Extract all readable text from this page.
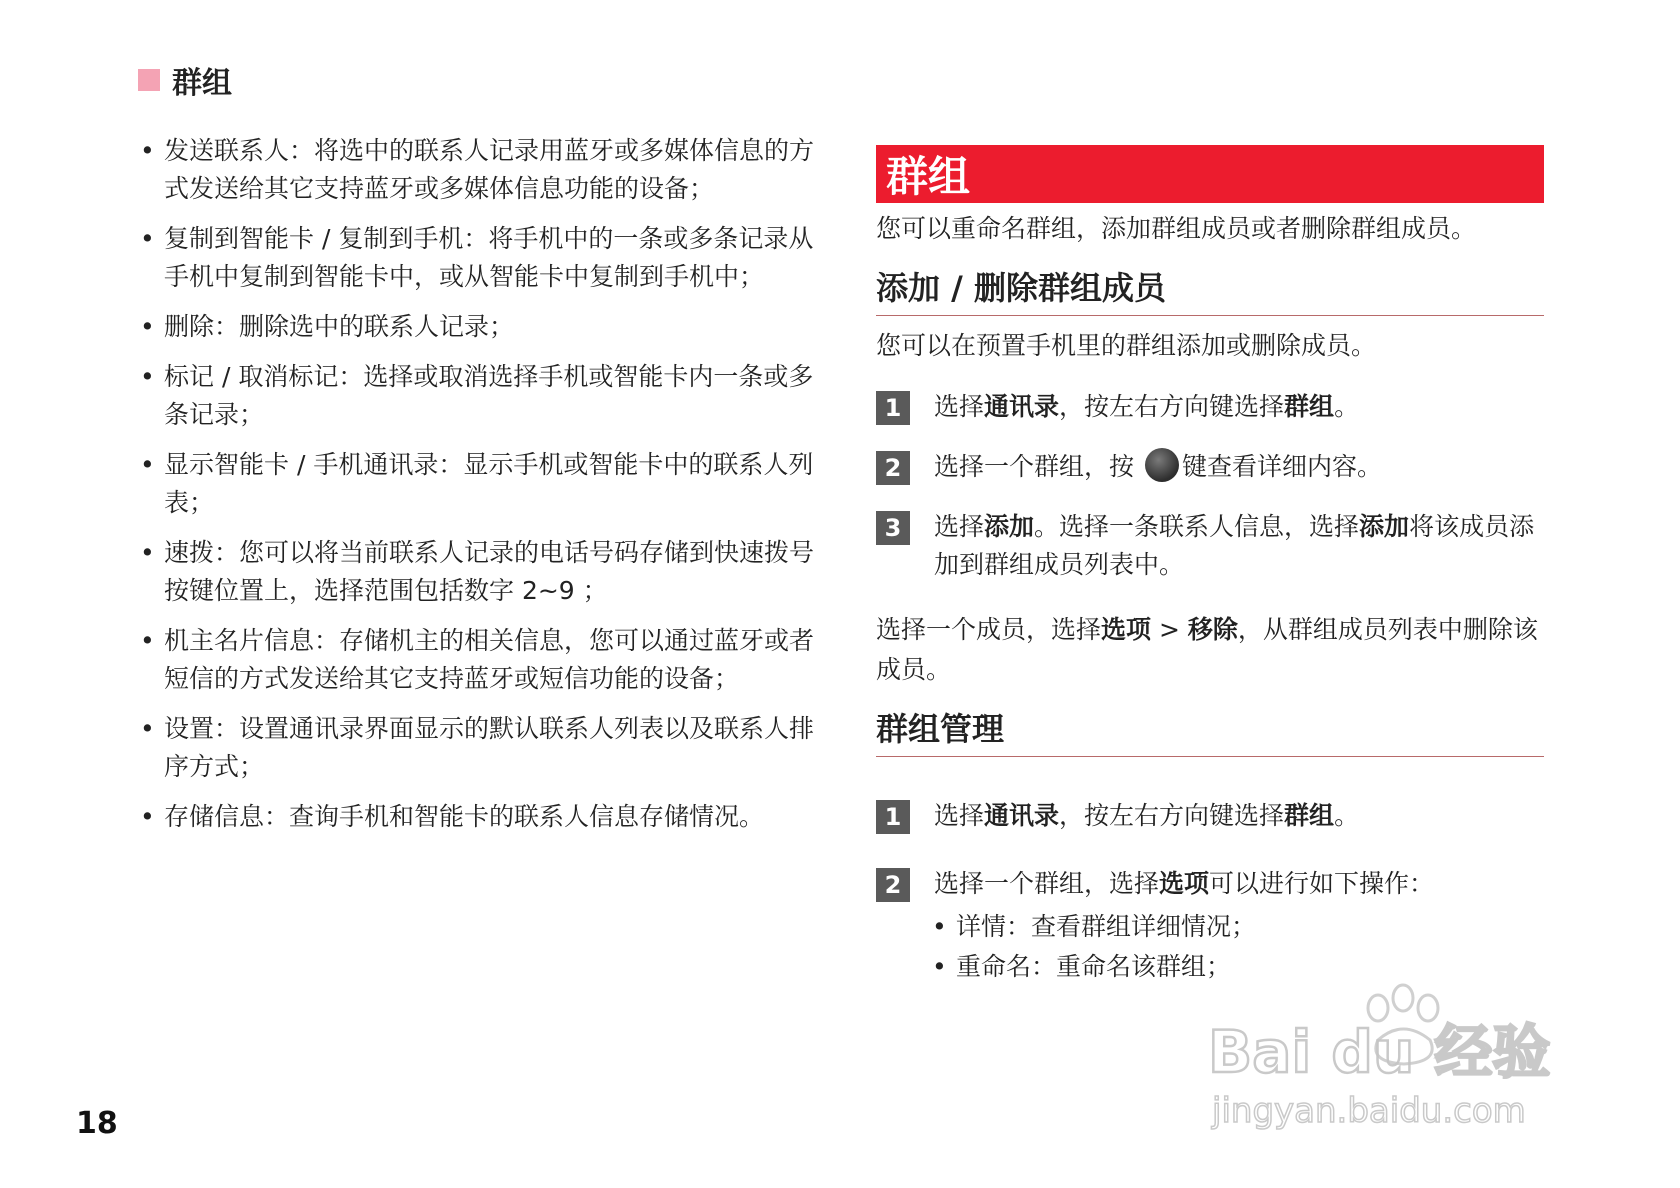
群组
• 发送联系人：将选中的联系人记录用蓝牙或多媒体信息的方式发送给其它支持蓝牙或多媒体信息功能的设备；
• 复制到智能卡 / 复制到手机：将手机中的一条或多条记录从手机中复制到智能卡中，或从智能卡中复制到手机中；
• 删除：删除选中的联系人记录；
• 标记 / 取消标记：选择或取消选择手机或智能卡内一条或多条记录；
• 显示智能卡 / 手机通讯录：显示手机或智能卡中的联系人列表；
• 速拨：您可以将当前联系人记录的电话号码存储到快速拨号按键位置上，选择范围包括数字 2~9 ；
• 机主名片信息：存储机主的相关信息，您可以通过蓝牙或者短信的方式发送给其它支持蓝牙或短信功能的设备；
• 设置：设置通讯录界面显示的默认联系人列表以及联系人排序方式；
• 存储信息：查询手机和智能卡的联系人信息存储情况。
群组
您可以重命名群组，添加群组成员或者删除群组成员。
添加 / 删除群组成员
您可以在预置手机里的群组添加或删除成员。
1	选择通讯录，按左右方向键选择群组。
2	选择一个群组，按 键查看详细内容。
3	选择添加。选择一条联系人信息，选择添加将该成员添加到群组成员列表中。
选择一个成员，选择选项 > 移除，从群组成员列表中删除该成员。
群组管理
1	选择通讯录，按左右方向键选择群组。
2	选择一个群组，选择选项可以进行如下操作：
• 详情：查看群组详细情况；
• 重命名：重命名该群组；
18
Bai du 经验
jingyan.baidu.com
